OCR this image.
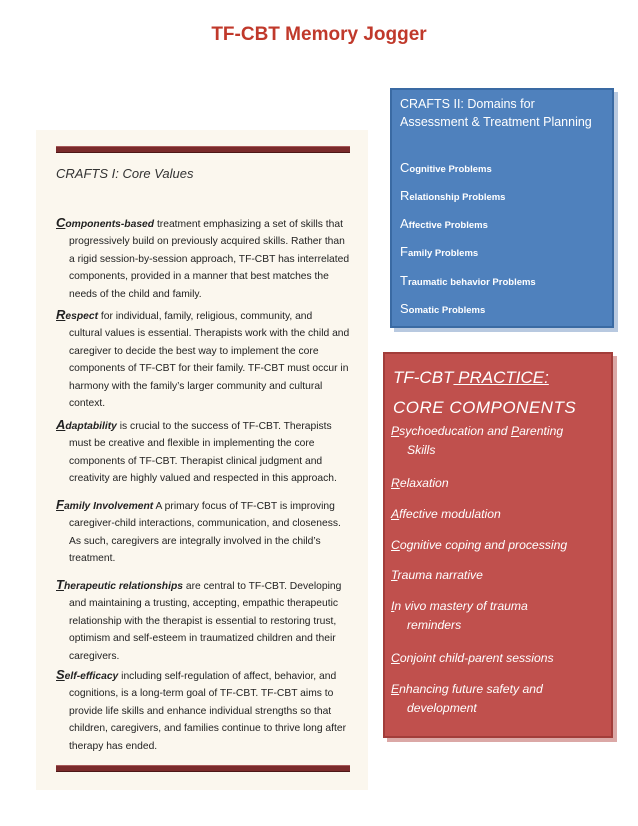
TF-CBT Memory Jogger
CRAFTS I: Core Values
Components-based treatment emphasizing a set of skills that
progressively build on previously acquired skills. Rather than a rigid session-by-session approach, TF-CBT has interrelated components, provided in a manner that best matches the needs of the child and family.
Respect for individual, family, religious, community, and
cultural values is essential. Therapists work with the child and caregiver to decide the best way to implement the core components of TF-CBT for their family. TF-CBT must occur in harmony with the family’s larger community and cultural context.
Adaptability is crucial to the success of TF-CBT. Therapists
must be creative and flexible in implementing the core components of TF-CBT. Therapist clinical judgment and creativity are highly valued and respected in this approach.
Family Involvement A primary focus of TF-CBT is improving
caregiver-child interactions, communication, and closeness. As such, caregivers are integrally involved in the child’s treatment.
Therapeutic relationships are central to TF-CBT. Developing
and maintaining a trusting, accepting, empathic therapeutic relationship with the therapist is essential to restoring trust, optimism and self-esteem in traumatized children and their caregivers.
Self-efficacy including self-regulation of affect, behavior, and
cognitions, is a long-term goal of TF-CBT. TF-CBT aims to provide life skills and enhance individual strengths so that children, caregivers, and families continue to thrive long after therapy has ended.
CRAFTS II: Domains for Assessment & Treatment Planning
Cognitive Problems
Relationship Problems
Affective Problems
Family Problems
Traumatic behavior Problems
Somatic Problems
TF-CBT PRACTICE:
CORE COMPONENTS
Psychoeducation and Parenting
Skills
Relaxation
Affective modulation
Cognitive coping and processing
Trauma narrative
In vivo mastery of trauma
reminders
Conjoint child-parent sessions
Enhancing future safety and
development
